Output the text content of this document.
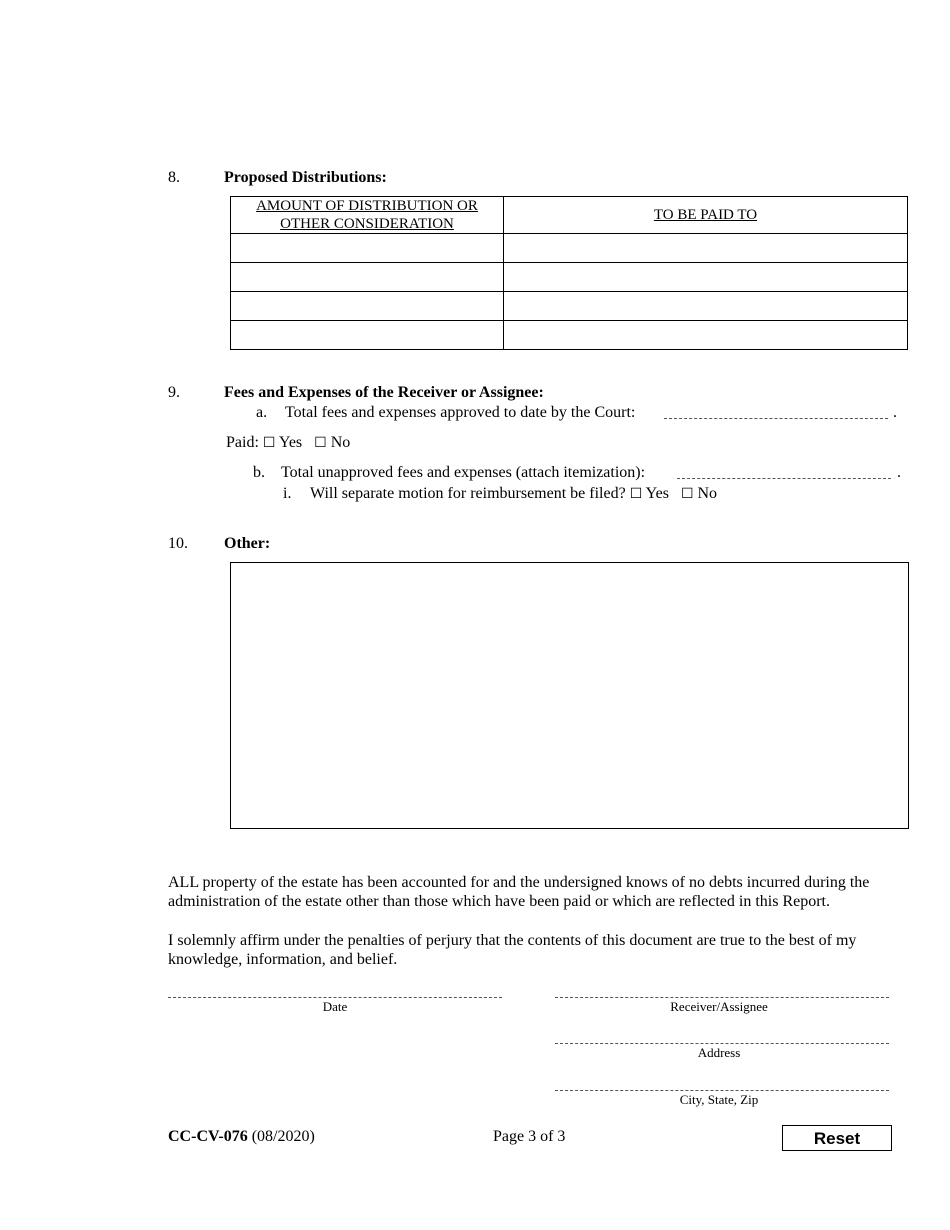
8.	Proposed Distributions:
AMOUNT OF DISTRIBUTION OR
OTHER CONSIDERATION	TO BE PAID TO

9.	Fees and Expenses of the Receiver or Assignee:
a. Total fees and expenses approved to date by the Court:	.
Paid: ☐ Yes ☐ No
b. Total unapproved fees and expenses (attach itemization):	.
i. Will separate motion for reimbursement be filed? ☐ Yes ☐ No
10. Other:
ALL property of the estate has been accounted for and the undersigned knows of no debts incurred during the administration of the estate other than those which have been paid or which are reflected in this Report.
I solemnly affirm under the penalties of perjury that the contents of this document are true to the best of my knowledge, information, and belief.
Date	Receiver/Assignee
Address
City, State, Zip
CC-CV-076 (08/2020)	Page 3 of 3	Reset
